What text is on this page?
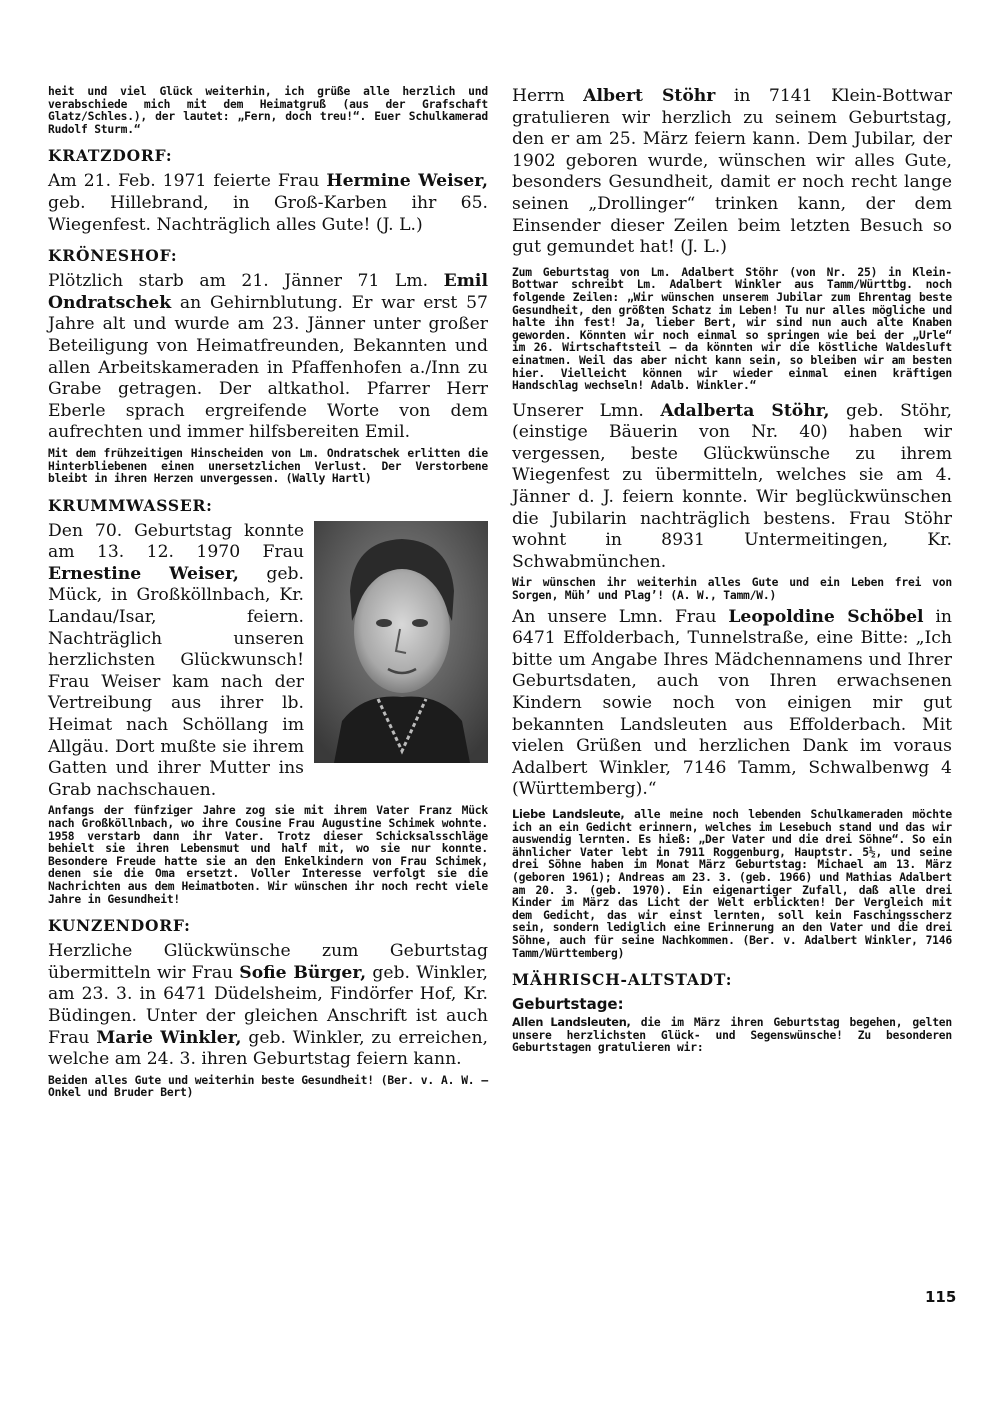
heit und viel Glück weiterhin, ich grüße alle herzlich und verabschiede mich mit dem Heimatgruß (aus der Grafschaft Glatz/Schles.), der lautet: „Fern, doch treu!“. Euer Schulkamerad Rudolf Sturm.“

KRATZDORF:

Am 21. Feb. 1971 feierte Frau Hermine Weiser, geb. Hillebrand, in Groß-Karben ihr 65. Wiegenfest. Nachträglich alles Gute! (J. L.)

KRÖNESHOF:

Plötzlich starb am 21. Jänner 71 Lm. Emil Ondratschek an Gehirnblutung. Er war erst 57 Jahre alt und wurde am 23. Jänner unter großer Beteiligung von Heimatfreunden, Bekannten und allen Arbeitskameraden in Pfaffenhofen a./Inn zu Grabe getragen. Der altkathol. Pfarrer Herr Eberle sprach ergreifende Worte von dem aufrechten und immer hilfsbereiten Emil.

Mit dem frühzeitigen Hinscheiden von Lm. Ondratschek erlitten die Hinterbliebenen einen unersetzlichen Verlust. Der Verstorbene bleibt in ihren Herzen unvergessen. (Wally Hartl)

KRUMMWASSER:

Den 70. Geburtstag konnte am 13. 12. 1970 Frau Ernestine Weiser, geb. Mück, in Großköllnbach, Kr. Landau/Isar, feiern. Nachträglich unseren herzlichsten Glückwunsch! Frau Weiser kam nach der Vertreibung aus ihrer lb. Heimat nach Schöllang im Allgäu. Dort mußte sie ihrem Gatten und ihrer Mutter ins Grab nachschauen.

Anfangs der fünfziger Jahre zog sie mit ihrem Vater Franz Mück nach Großköllnbach, wo ihre Cousine Frau Augustine Schimek wohnte. 1958 verstarb dann ihr Vater. Trotz dieser Schicksalsschläge behielt sie ihren Lebensmut und half mit, wo sie nur konnte. Besondere Freude hatte sie an den Enkelkindern von Frau Schimek, denen sie die Oma ersetzt. Voller Interesse verfolgt sie die Nachrichten aus dem Heimatboten. Wir wünschen ihr noch recht viele Jahre in Gesundheit!

KUNZENDORF:

Herzliche Glückwünsche zum Geburtstag übermitteln wir Frau Sofie Bürger, geb. Winkler, am 23. 3. in 6471 Düdelsheim, Findörfer Hof, Kr. Büdingen. Unter der gleichen Anschrift ist auch Frau Marie Winkler, geb. Winkler, zu erreichen, welche am 24. 3. ihren Geburtstag feiern kann.

Beiden alles Gute und weiterhin beste Gesundheit! (Ber. v. A. W. – Onkel und Bruder Bert)

Herrn Albert Stöhr in 7141 Klein-Bottwar gratulieren wir herzlich zu seinem Geburtstag, den er am 25. März feiern kann. Dem Jubilar, der 1902 geboren wurde, wünschen wir alles Gute, besonders Gesundheit, damit er noch recht lange seinen „Drollinger“ trinken kann, der dem Einsender dieser Zeilen beim letzten Besuch so gut gemundet hat! (J. L.)

Zum Geburtstag von Lm. Adalbert Stöhr (von Nr. 25) in Klein-Bottwar schreibt Lm. Adalbert Winkler aus Tamm/Württbg. noch folgende Zeilen: „Wir wünschen unserem Jubilar zum Ehrentag beste Gesundheit, den größten Schatz im Leben! Tu nur alles mögliche und halte ihn fest! Ja, lieber Bert, wir sind nun auch alte Knaben geworden. Könnten wir noch einmal so springen wie bei der „Urle“ im 26. Wirtschaftsteil – da könnten wir die köstliche Waldesluft einatmen. Weil das aber nicht kann sein, so bleiben wir am besten hier. Vielleicht können wir wieder einmal einen kräftigen Handschlag wechseln! Adalb. Winkler.“

Unserer Lmn. Adalberta Stöhr, geb. Stöhr, (einstige Bäuerin von Nr. 40) haben wir vergessen, beste Glückwünsche zu ihrem Wiegenfest zu übermitteln, welches sie am 4. Jänner d. J. feiern konnte. Wir beglückwünschen die Jubilarin nachträglich bestens. Frau Stöhr wohnt in 8931 Untermeitingen, Kr. Schwabmünchen.

Wir wünschen ihr weiterhin alles Gute und ein Leben frei von Sorgen, Müh’ und Plag’! (A. W., Tamm/W.)

An unsere Lmn. Frau Leopoldine Schöbel in 6471 Effolderbach, Tunnelstraße, eine Bitte: „Ich bitte um Angabe Ihres Mädchennamens und Ihrer Geburtsdaten, auch von Ihren erwachsenen Kindern sowie noch von einigen mir gut bekannten Landsleuten aus Effolderbach. Mit vielen Grüßen und herzlichen Dank im voraus Adalbert Winkler, 7146 Tamm, Schwalbenwg 4 (Württemberg).“

Liebe Landsleute, alle meine noch lebenden Schulkameraden möchte ich an ein Gedicht erinnern, welches im Lesebuch stand und das wir auswendig lernten. Es hieß: „Der Vater und die drei Söhne“. So ein ähnlicher Vater lebt in 7911 Roggenburg, Hauptstr. 5½, und seine drei Söhne haben im Monat März Geburtstag: Michael am 13. März (geboren 1961); Andreas am 23. 3. (geb. 1966) und Mathias Adalbert am 20. 3. (geb. 1970). Ein eigenartiger Zufall, daß alle drei Kinder im März das Licht der Welt erblickten! Der Vergleich mit dem Gedicht, das wir einst lernten, soll kein Faschingsscherz sein, sondern lediglich eine Erinnerung an den Vater und die drei Söhne, auch für seine Nachkommen. (Ber. v. Adalbert Winkler, 7146 Tamm/Württemberg)

MÄHRISCH-ALTSTADT:
Geburtstage:

Allen Landsleuten, die im März ihren Geburtstag begehen, gelten unsere herzlichsten Glück- und Segenswünsche! Zu besonderen Geburtstagen gratulieren wir:

115
